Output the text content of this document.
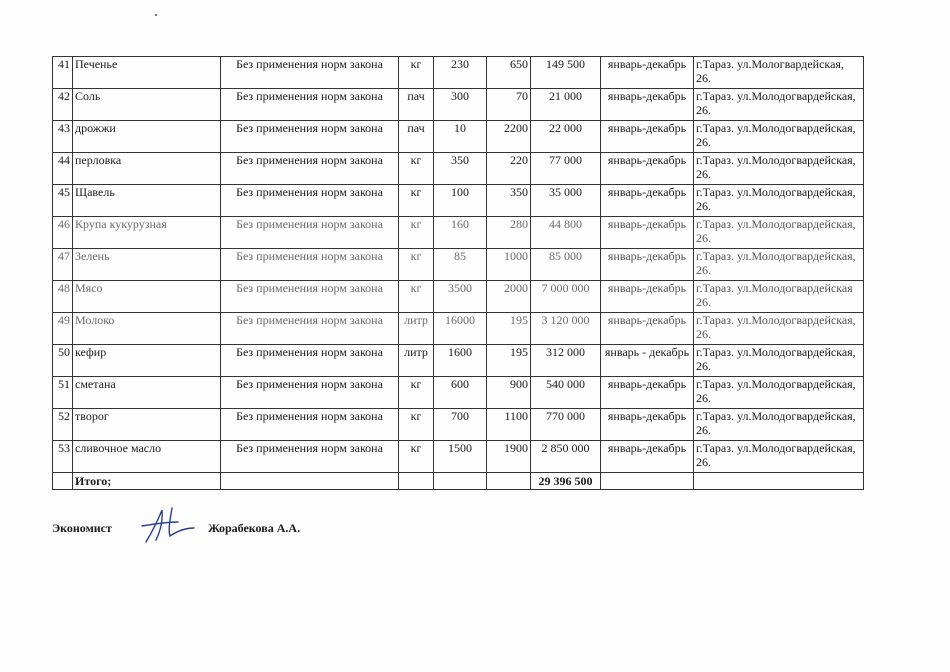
41	Печенье	Без применения норм закона	кг	230	650	149 500	январь-декабрь	г.Тараз. ул.Мологвардейская, 26.
42	Соль	Без применения норм закона	пач	300	70	21 000	январь-декабрь	г.Тараз. ул.Молодогвардейская, 26.
43	дрожжи	Без применения норм закона	пач	10	2200	22 000	январь-декабрь	г.Тараз. ул.Молодогвардейская, 26.
44	перловка	Без применения норм закона	кг	350	220	77 000	январь-декабрь	г.Тараз. ул.Молодогвардейская, 26.
45	Щавель	Без применения норм закона	кг	100	350	35 000	январь-декабрь	г.Тараз. ул.Молодогвардейская, 26.
46	Крупа кукурузная	Без применения норм закона	кг	160	280	44 800	январь-декабрь	г.Тараз. ул.Молодогвардейская, 26.
47	Зелень	Без применения норм закона	кг	85	1000	85 000	январь-декабрь	г.Тараз. ул.Молодогвардейская, 26.
48	Мясо	Без применения норм закона	кг	3500	2000	7 000 000	январь-декабрь	г.Тараз. ул.Молодогвардейская 26.
49	Молоко	Без применения норм закона	литр	16000	195	3 120 000	январь-декабрь	г.Тараз. ул.Молодогвардейская, 26.
50	кефир	Без применения норм закона	литр	1600	195	312 000	январь - декабрь	г.Тараз. ул.Молодогвардейская, 26.
51	сметана	Без применения норм закона	кг	600	900	540 000	январь-декабрь	г.Тараз. ул.Молодогвардейская, 26.
52	творог	Без применения норм закона	кг	700	1100	770 000	январь-декабрь	г.Тараз. ул.Молодогвардейская, 26.
53	сливочное масло	Без применения норм закона	кг	1500	1900	2 850 000	январь-декабрь	г.Тараз. ул.Молодогвардейская, 26.
	Итого;					29 396 500		
Экономист	Жорабекова А.А.
